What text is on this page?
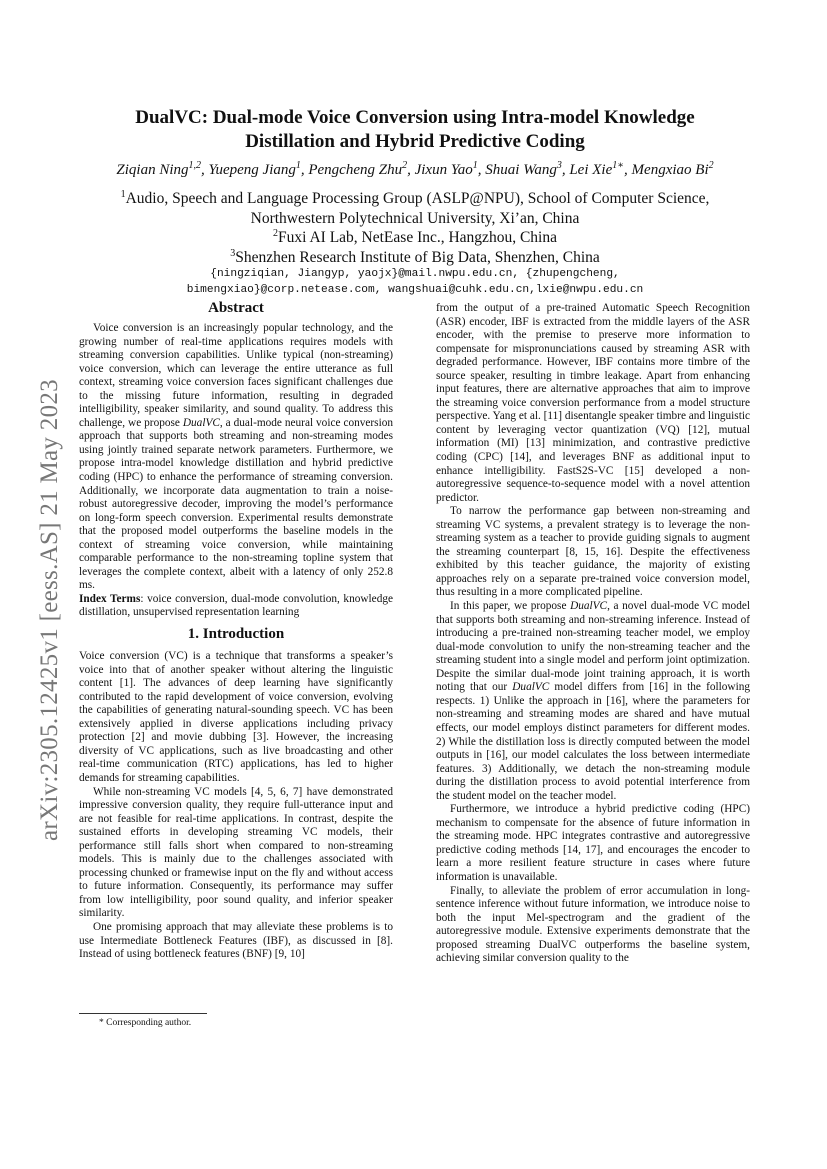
arXiv:2305.12425v1 [eess.AS] 21 May 2023
DualVC: Dual-mode Voice Conversion using Intra-model Knowledge
Distillation and Hybrid Predictive Coding
Ziqian Ning$^{1,2}$, Yuepeng Jiang$^1$, Pengcheng Zhu$^2$, Jixun Yao$^1$, Shuai Wang$^3$, Lei Xie$^{1∗}$, Mengxiao Bi$^2$
$^1$Audio, Speech and Language Processing Group (ASLP@NPU), School of Computer Science,
Northwestern Polytechnical University, Xi’an, China
$^2$Fuxi AI Lab, NetEase Inc., Hangzhou, China
$^3$Shenzhen Research Institute of Big Data, Shenzhen, China
{ningziqian, Jiangyp, yaojx}@mail.nwpu.edu.cn, {zhupengcheng,
bimengxiao}@corp.netease.com, wangshuai@cuhk.edu.cn,lxie@nwpu.edu.cn
Abstract

Voice conversion is an increasingly popular technology, and the growing number of real-time applications requires models with streaming conversion capabilities. Unlike typical (non-streaming) voice conversion, which can leverage the entire utterance as full context, streaming voice conversion faces significant challenges due to the missing future information, resulting in degraded intelligibility, speaker similarity, and sound quality. To address this challenge, we propose DualVC, a dual-mode neural voice conversion approach that supports both streaming and non-streaming modes using jointly trained separate network parameters. Furthermore, we propose intra-model knowledge distillation and hybrid predictive coding (HPC) to enhance the performance of streaming conversion. Additionally, we incorporate data augmentation to train a noise-robust autoregressive decoder, improving the model’s performance on long-form speech conversion. Experimental results demonstrate that the proposed model outperforms the baseline models in the context of streaming voice conversion, while maintaining comparable performance to the non-streaming topline system that leverages the complete context, albeit with a latency of only 252.8 ms.

Index Terms: voice conversion, dual-mode convolution, knowledge distillation, unsupervised representation learning

1. Introduction

Voice conversion (VC) is a technique that transforms a speaker’s voice into that of another speaker without altering the linguistic content [1]. The advances of deep learning have significantly contributed to the rapid development of voice conversion, evolving the capabilities of generating natural-sounding speech. VC has been extensively applied in diverse applications including privacy protection [2] and movie dubbing [3]. However, the increasing diversity of VC applications, such as live broadcasting and other real-time communication (RTC) applications, has led to higher demands for streaming capabilities.

While non-streaming VC models [4, 5, 6, 7] have demonstrated impressive conversion quality, they require full-utterance input and are not feasible for real-time applications. In contrast, despite the sustained efforts in developing streaming VC models, their performance still falls short when compared to non-streaming models. This is mainly due to the challenges associated with processing chunked or framewise input on the fly and without access to future information. Consequently, its performance may suffer from low intelligibility, poor sound quality, and inferior speaker similarity.

One promising approach that may alleviate these problems is to use Intermediate Bottleneck Features (IBF), as discussed in [8]. Instead of using bottleneck features (BNF) [9, 10]

* Corresponding author.

from the output of a pre-trained Automatic Speech Recognition (ASR) encoder, IBF is extracted from the middle layers of the ASR encoder, with the premise to preserve more information to compensate for mispronunciations caused by streaming ASR with degraded performance. However, IBF contains more timbre of the source speaker, resulting in timbre leakage. Apart from enhancing input features, there are alternative approaches that aim to improve the streaming voice conversion performance from a model structure perspective. Yang et al. [11] disentangle speaker timbre and linguistic content by leveraging vector quantization (VQ) [12], mutual information (MI) [13] minimization, and contrastive predictive coding (CPC) [14], and leverages BNF as additional input to enhance intelligibility. FastS2S-VC [15] developed a non-autoregressive sequence-to-sequence model with a novel attention predictor.

To narrow the performance gap between non-streaming and streaming VC systems, a prevalent strategy is to leverage the non-streaming system as a teacher to provide guiding signals to augment the streaming counterpart [8, 15, 16]. Despite the effectiveness exhibited by this teacher guidance, the majority of existing approaches rely on a separate pre-trained voice conversion model, thus resulting in a more complicated pipeline.

In this paper, we propose DualVC, a novel dual-mode VC model that supports both streaming and non-streaming inference. Instead of introducing a pre-trained non-streaming teacher model, we employ dual-mode convolution to unify the non-streaming teacher and the streaming student into a single model and perform joint optimization. Despite the similar dual-mode joint training approach, it is worth noting that our DualVC model differs from [16] in the following respects. 1) Unlike the approach in [16], where the parameters for non-streaming and streaming modes are shared and have mutual effects, our model employs distinct parameters for different modes. 2) While the distillation loss is directly computed between the model outputs in [16], our model calculates the loss between intermediate features. 3) Additionally, we detach the non-streaming module during the distillation process to avoid potential interference from the student model on the teacher model.

Furthermore, we introduce a hybrid predictive coding (HPC) mechanism to compensate for the absence of future information in the streaming mode. HPC integrates contrastive and autoregressive predictive coding methods [14, 17], and encourages the encoder to learn a more resilient feature structure in cases where future information is unavailable.

Finally, to alleviate the problem of error accumulation in long-sentence inference without future information, we introduce noise to both the input Mel-spectrogram and the gradient of the autoregressive module. Extensive experiments demonstrate that the proposed streaming DualVC outperforms the baseline system, achieving similar conversion quality to the
